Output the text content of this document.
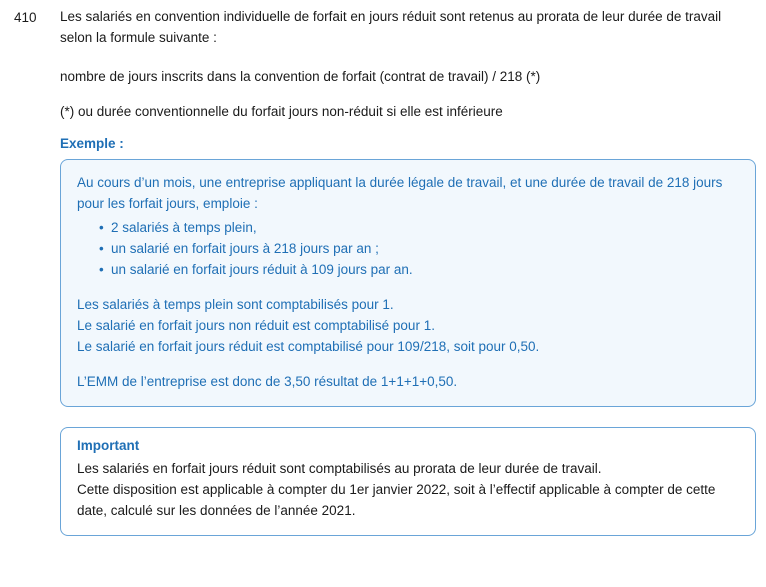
410 Les salariés en convention individuelle de forfait en jours réduit sont retenus au prorata de leur durée de travail selon la formule suivante :

nombre de jours inscrits dans la convention de forfait (contrat de travail) / 218 (*)

(*) ou durée conventionnelle du forfait jours non-réduit si elle est inférieure

Exemple :

Au cours d’un mois, une entreprise appliquant la durée légale de travail, et une durée de travail de 218 jours pour les forfait jours, emploie :

• 2 salariés à temps plein,
• un salarié en forfait jours à 218 jours par an ;
• un salarié en forfait jours réduit à 109 jours par an.

Les salariés à temps plein sont comptabilisés pour 1.

Le salarié en forfait jours non réduit est comptabilisé pour 1.

Le salarié en forfait jours réduit est comptabilisé pour 109/218, soit pour 0,50.

L’EMM de l’entreprise est donc de 3,50 résultat de 1+1+1+0,50.

Important

Les salariés en forfait jours réduit sont comptabilisés au prorata de leur durée de travail.

Cette disposition est applicable à compter du 1er janvier 2022, soit à l’effectif applicable à compter de cette date, calculé sur les données de l’année 2021.
